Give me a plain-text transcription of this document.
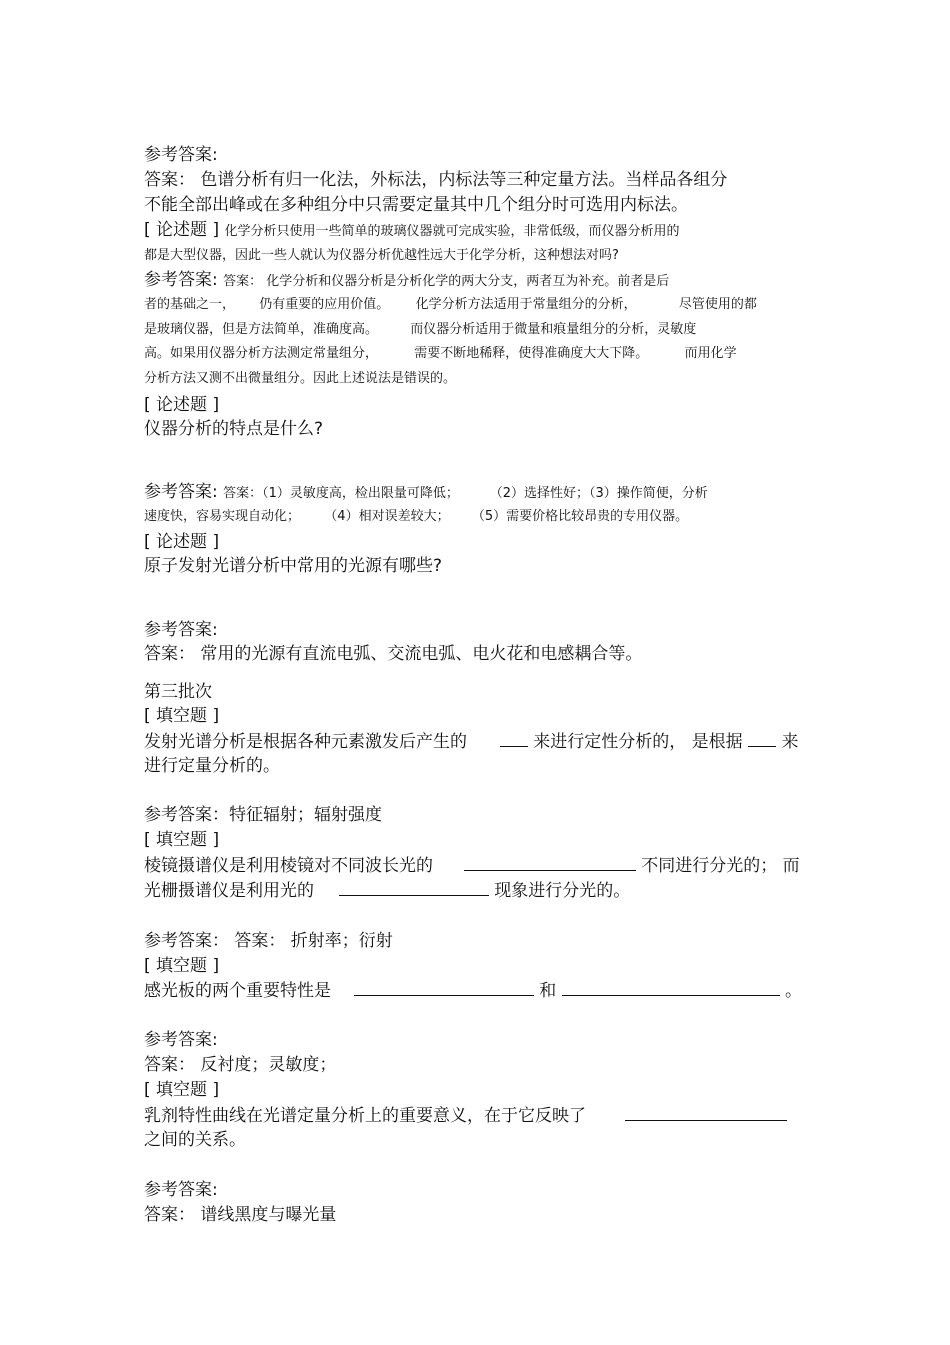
参考答案:
答案： 色谱分析有归一化法，外标法，内标法等三种定量方法。当样品各组分
不能全部出峰或在多种组分中只需要定量其中几个组分时可选用内标法。
[ 论述题 ] 化学分析只使用一些简单的玻璃仪器就可完成实验，非常低级，而仪器分析用的
都是大型仪器，因此一些人就认为仪器分析优越性远大于化学分析，这种想法对吗?
参考答案: 答案： 化学分析和仪器分析是分析化学的两大分支，两者互为补充。前者是后
者的基础之一， 仍有重要的应用价值。 化学分析方法适用于常量组分的分析，	尽管使用的都
是玻璃仪器，但是方法简单，准确度高。 而仪器分析适用于微量和痕量组分的分析，灵敏度
高。如果用仪器分析方法测定常量组分，	需要不断地稀释，使得准确度大大下降。	而用化学
分析方法又测不出微量组分。因此上述说法是错误的。
[ 论述题 ]
仪器分析的特点是什么?
参考答案: 答案：（1）灵敏度高，检出限量可降低； （2）选择性好；（3）操作简便，分析
速度快，容易实现自动化； （4）相对误差较大； （5）需要价格比较昂贵的专用仪器。
[ 论述题 ]
原子发射光谱分析中常用的光源有哪些?
参考答案:
答案： 常用的光源有直流电弧、交流电弧、电火花和电感耦合等。
第三批次
[ 填空题 ]
发射光谱分析是根据各种元素激发后产生的	来进行定性分析的， 是根据 来
进行定量分析的。
参考答案：特征辐射；辐射强度
[ 填空题 ]
棱镜摄谱仪是利用棱镜对不同波长光的	不同进行分光的； 而
光栅摄谱仪是利用光的	现象进行分光的。
参考答案： 答案： 折射率；衍射
[ 填空题 ]
感光板的两个重要特性是	和	。
参考答案:
答案： 反衬度；灵敏度；
[ 填空题 ]
乳剂特性曲线在光谱定量分析上的重要意义，在于它反映了
之间的关系。
参考答案:
答案： 谱线黑度与曝光量
